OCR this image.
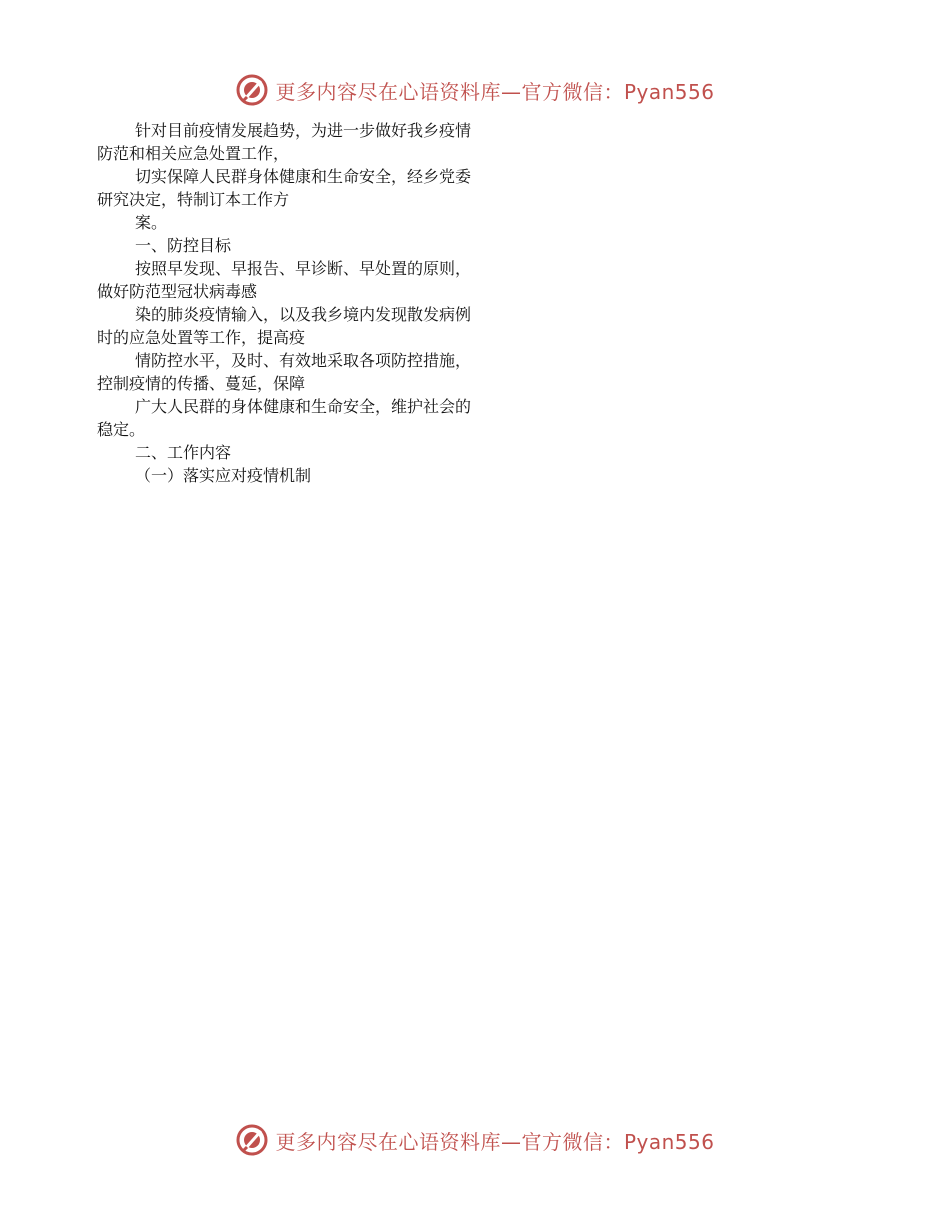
更多内容尽在心语资料库—官方微信：Pyan556
针对目前疫情发展趋势，为进一步做好我乡疫情
防范和相关应急处置工作，
切实保障人民群身体健康和生命安全，经乡党委
研究决定，特制订本工作方
案。
一、防控目标
按照早发现、早报告、早诊断、早处置的原则，
做好防范型冠状病毒感
染的肺炎疫情输入，以及我乡境内发现散发病例
时的应急处置等工作，提高疫
情防控水平，及时、有效地采取各项防控措施，
控制疫情的传播、蔓延，保障
广大人民群的身体健康和生命安全，维护社会的
稳定。
二、工作内容
（一）落实应对疫情机制
更多内容尽在心语资料库—官方微信：Pyan556
